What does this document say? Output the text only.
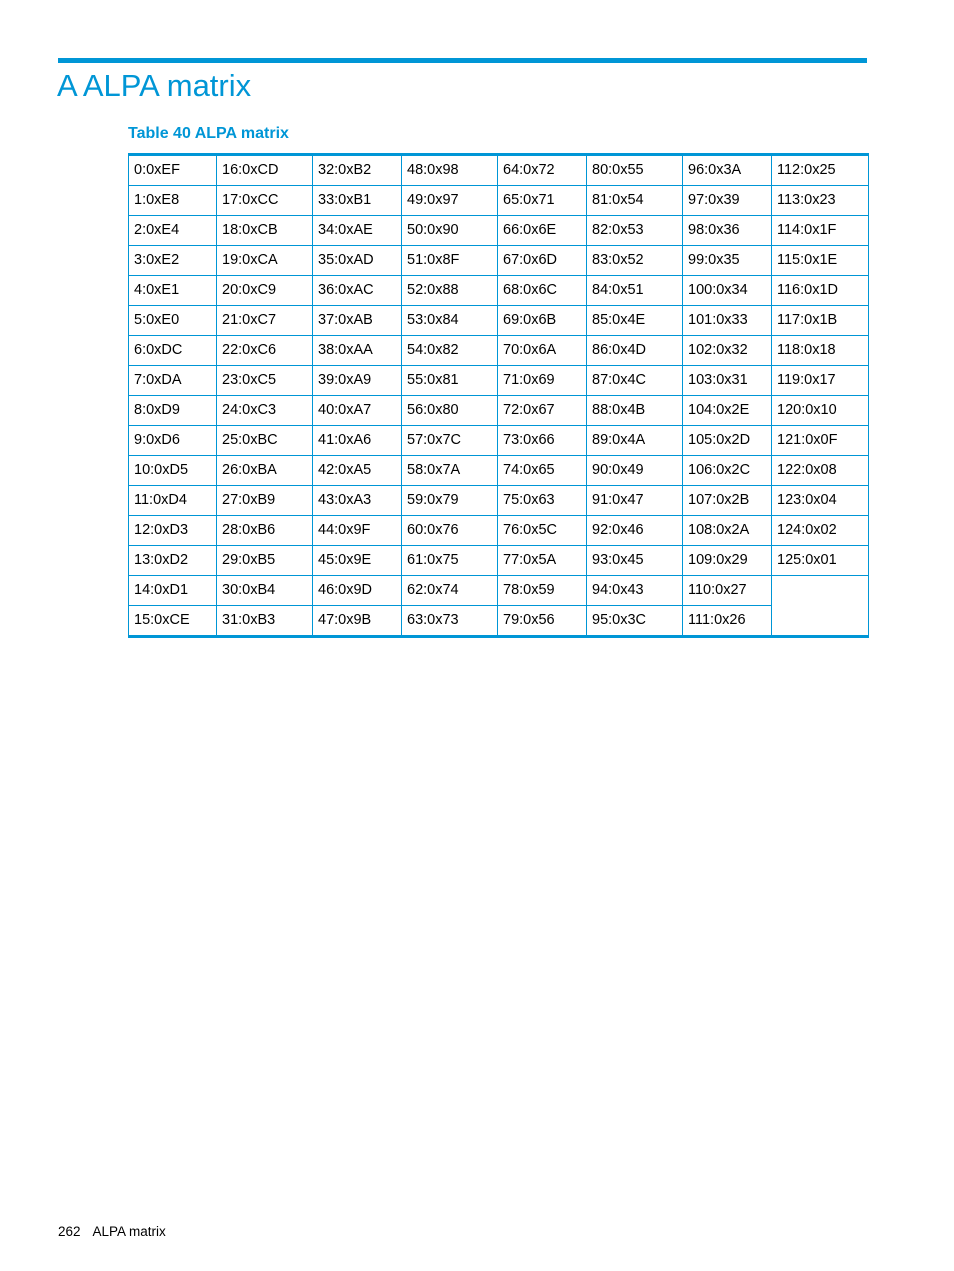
A ALPA matrix
Table 40 ALPA matrix
0:0xEF	16:0xCD	32:0xB2	48:0x98	64:0x72	80:0x55	96:0x3A	112:0x25
1:0xE8	17:0xCC	33:0xB1	49:0x97	65:0x71	81:0x54	97:0x39	113:0x23
2:0xE4	18:0xCB	34:0xAE	50:0x90	66:0x6E	82:0x53	98:0x36	114:0x1F
3:0xE2	19:0xCA	35:0xAD	51:0x8F	67:0x6D	83:0x52	99:0x35	115:0x1E
4:0xE1	20:0xC9	36:0xAC	52:0x88	68:0x6C	84:0x51	100:0x34	116:0x1D
5:0xE0	21:0xC7	37:0xAB	53:0x84	69:0x6B	85:0x4E	101:0x33	117:0x1B
6:0xDC	22:0xC6	38:0xAA	54:0x82	70:0x6A	86:0x4D	102:0x32	118:0x18
7:0xDA	23:0xC5	39:0xA9	55:0x81	71:0x69	87:0x4C	103:0x31	119:0x17
8:0xD9	24:0xC3	40:0xA7	56:0x80	72:0x67	88:0x4B	104:0x2E	120:0x10
9:0xD6	25:0xBC	41:0xA6	57:0x7C	73:0x66	89:0x4A	105:0x2D	121:0x0F
10:0xD5	26:0xBA	42:0xA5	58:0x7A	74:0x65	90:0x49	106:0x2C	122:0x08
11:0xD4	27:0xB9	43:0xA3	59:0x79	75:0x63	91:0x47	107:0x2B	123:0x04
12:0xD3	28:0xB6	44:0x9F	60:0x76	76:0x5C	92:0x46	108:0x2A	124:0x02
13:0xD2	29:0xB5	45:0x9E	61:0x75	77:0x5A	93:0x45	109:0x29	125:0x01
14:0xD1	30:0xB4	46:0x9D	62:0x74	78:0x59	94:0x43	110:0x27	
15:0xCE	31:0xB3	47:0x9B	63:0x73	79:0x56	95:0x3C	111:0x26	
262 ALPA matrix
